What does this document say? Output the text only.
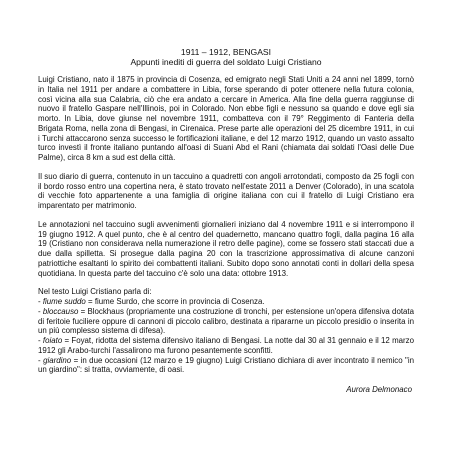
1911 – 1912, BENGASI
Appunti inediti di guerra del soldato Luigi Cristiano
Luigi Cristiano, nato il 1875 in provincia di Cosenza, ed emigrato negli Stati Uniti a 24 anni nel 1899, tornò in Italia nel 1911 per andare a combattere in Libia, forse sperando di poter ottenere nella futura colonia, così vicina alla sua Calabria, ciò che era andato a cercare in America. Alla fine della guerra raggiunse di nuovo il fratello Gaspare nell'Illinois, poi in Colorado. Non ebbe figli e nessuno sa quando e dove egli sia morto. In Libia, dove giunse nel novembre 1911, combatteva con il 79° Reggimento di Fanteria della Brigata Roma, nella zona di Bengasi, in Cirenaica. Prese parte alle operazioni del 25 dicembre 1911, in cui i Turchi attaccarono senza successo le fortificazioni italiane, e del 12 marzo 1912, quando un vasto assalto turco investì il fronte italiano puntando all'oasi di Suani Abd el Rani (chiamata dai soldati l'Oasi delle Due Palme), circa 8 km a sud est della città.
Il suo diario di guerra, contenuto in un taccuino a quadretti con angoli arrotondati, composto da 25 fogli con il bordo rosso entro una copertina nera, è stato trovato nell'estate 2011 a Denver (Colorado), in una scatola di vecchie foto appartenente a una famiglia di origine italiana con cui il fratello di Luigi Cristiano era imparentato per matrimonio.
Le annotazioni nel taccuino sugli avvenimenti giornalieri iniziano dal 4 novembre 1911 e si interrompono il 19 giugno 1912. A quel punto, che è al centro del quadernetto, mancano quattro fogli, dalla pagina 16 alla 19 (Cristiano non considerava nella numerazione il retro delle pagine), come se fossero stati staccati due a due dalla spilletta. Si prosegue dalla pagina 20 con la trascrizione approssimativa di alcune canzoni patriottiche esaltanti lo spirito dei combattenti italiani. Subito dopo sono annotati conti in dollari della spesa quotidiana. In questa parte del taccuino c'è solo una data: ottobre 1913.
Nel testo Luigi Cristiano parla di:
- fiume suddo = fiume Surdo, che scorre in provincia di Cosenza.
- bloccauso = Blockhaus (propriamente una costruzione di tronchi, per estensione un'opera difensiva dotata di feritoie fuciliere oppure di cannoni di piccolo calibro, destinata a ripararne un piccolo presidio o inserita in un più complesso sistema di difesa).
- foiato = Foyat, ridotta del sistema difensivo italiano di Bengasi. La notte dal 30 al 31 gennaio e il 12 marzo 1912 gli Arabo-turchi l'assalirono ma furono pesantemente sconfitti.
- giardino = in due occasioni (12 marzo e 19 giugno) Luigi Cristiano dichiara di aver incontrato il nemico "in un giardino": si tratta, ovviamente, di oasi.
Aurora Delmonaco
